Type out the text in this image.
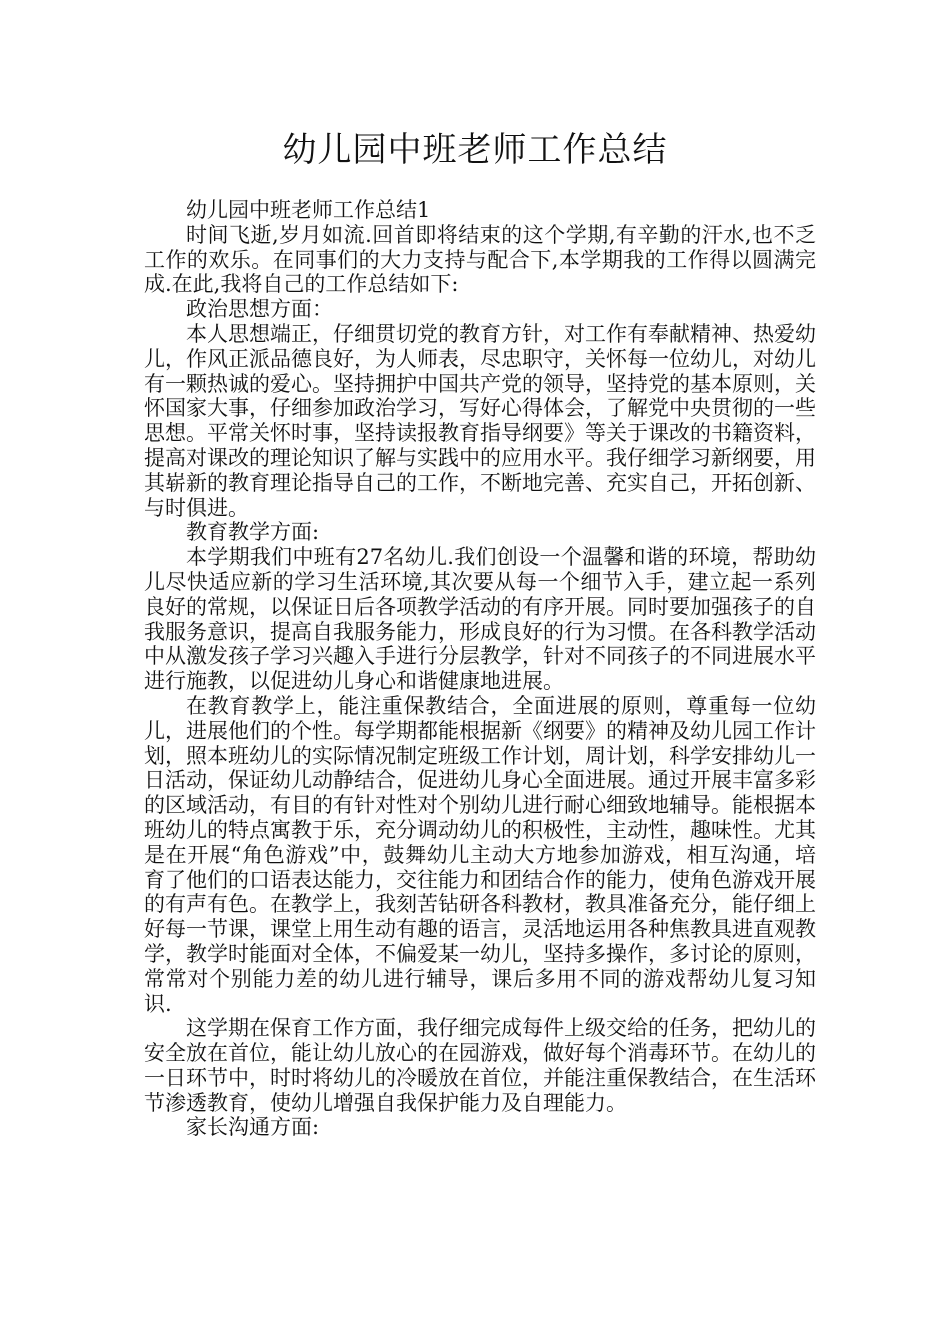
幼儿园中班老师工作总结

幼儿园中班老师工作总结1

时间飞逝,岁月如流.回首即将结束的这个学期,有辛勤的汗水,也不乏工作的欢乐。在同事们的大力支持与配合下,本学期我的工作得以圆满完成.在此,我将自己的工作总结如下:

政治思想方面：

本人思想端正，仔细贯切党的教育方针，对工作有奉献精神、热爱幼儿，作风正派品德良好，为人师表，尽忠职守，关怀每一位幼儿，对幼儿有一颗热诚的爱心。坚持拥护中国共产党的领导，坚持党的基本原则，关怀国家大事，仔细参加政治学习，写好心得体会，了解党中央贯彻的一些思想。平常关怀时事，坚持读报教育指导纲要》等关于课改的书籍资料，提高对课改的理论知识了解与实践中的应用水平。我仔细学习新纲要，用其崭新的教育理论指导自己的工作，不断地完善、充实自己，开拓创新、与时俱进。

教育教学方面:

本学期我们中班有27名幼儿.我们创设一个温馨和谐的环境，帮助幼儿尽快适应新的学习生活环境,其次要从每一个细节入手，建立起一系列良好的常规，以保证日后各项教学活动的有序开展。同时要加强孩子的自我服务意识，提高自我服务能力，形成良好的行为习惯。在各科教学活动中从激发孩子学习兴趣入手进行分层教学，针对不同孩子的不同进展水平进行施教，以促进幼儿身心和谐健康地进展。

在教育教学上，能注重保教结合，全面进展的原则，尊重每一位幼儿，进展他们的个性。每学期都能根据新《纲要》的精神及幼儿园工作计划，照本班幼儿的实际情况制定班级工作计划，周计划，科学安排幼儿一日活动，保证幼儿动静结合，促进幼儿身心全面进展。通过开展丰富多彩的区域活动，有目的有针对性对个别幼儿进行耐心细致地辅导。能根据本班幼儿的特点寓教于乐，充分调动幼儿的积极性，主动性，趣味性。尤其是在开展“角色游戏”中，鼓舞幼儿主动大方地参加游戏，相互沟通，培育了他们的口语表达能力，交往能力和团结合作的能力，使角色游戏开展的有声有色。在教学上，我刻苦钻研各科教材，教具准备充分，能仔细上好每一节课，课堂上用生动有趣的语言，灵活地运用各种焦教具进直观教学，教学时能面对全体，不偏爱某一幼儿，坚持多操作，多讨论的原则，常常对个别能力差的幼儿进行辅导，课后多用不同的游戏帮幼儿复习知识.

这学期在保育工作方面，我仔细完成每件上级交给的任务，把幼儿的安全放在首位，能让幼儿放心的在园游戏，做好每个消毒环节。在幼儿的一日环节中，时时将幼儿的冷暖放在首位，并能注重保教结合，在生活环节渗透教育，使幼儿增强自我保护能力及自理能力。

家长沟通方面:
